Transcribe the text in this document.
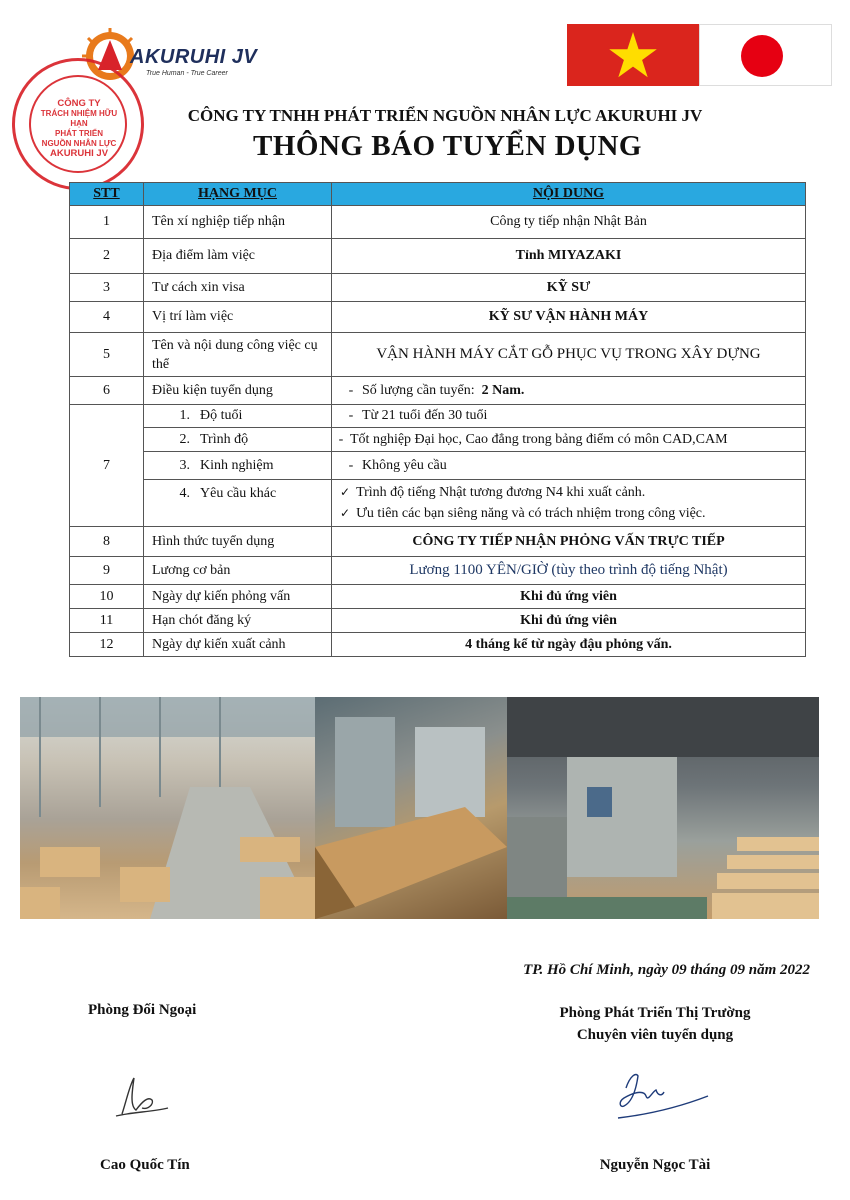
AKURUHI JV
True Human - True Career
CÔNG TY
TRÁCH NHIỆM HỮU HẠN
PHÁT TRIỂN
NGUỒN NHÂN LỰC
AKURUHI JV
CÔNG TY TNHH PHÁT TRIỂN NGUỒN NHÂN LỰC AKURUHI JV
THÔNG BÁO TUYỂN DỤNG
STT	HẠNG MỤC	NỘI DUNG
1	Tên xí nghiệp tiếp nhận	Công ty tiếp nhận Nhật Bản
2	Địa điểm làm việc	Tỉnh MIYAZAKI
3	Tư cách xin visa	KỸ SƯ
4	Vị trí làm việc	KỸ SƯ VẬN HÀNH MÁY
5	Tên và nội dung công việc cụ thể	VẬN HÀNH MÁY CẮT GỖ PHỤC VỤ TRONG XÂY DỰNG
6	Điều kiện tuyển dụng	- Số lượng cần tuyển: 2 Nam.
7	1. Độ tuổi	- Từ 21 tuổi đến 30 tuổi
	2. Trình độ	- Tốt nghiệp Đại học, Cao đẳng trong bảng điểm có môn CAD,CAM
	3. Kinh nghiệm	- Không yêu cầu
	4. Yêu cầu khác	✓ Trình độ tiếng Nhật tương đương N4 khi xuất cảnh.
✓ Ưu tiên các bạn siêng năng và có trách nhiệm trong công việc.

8	Hình thức tuyển dụng	CÔNG TY TIẾP NHẬN PHỎNG VẤN TRỰC TIẾP
9	Lương cơ bản	Lương 1100 YÊN/GIỜ (tùy theo trình độ tiếng Nhật)
10	Ngày dự kiến phỏng vấn	Khi đủ ứng viên
11	Hạn chót đăng ký	Khi đủ ứng viên
12	Ngày dự kiến xuất cảnh	4 tháng kể từ ngày đậu phỏng vấn.
TP. Hồ Chí Minh, ngày 09 tháng 09 năm 2022
Phòng Đối Ngoại	Phòng Phát Triển Thị Trường
Chuyên viên tuyển dụng
Cao Quốc Tín	Nguyễn Ngọc Tài
